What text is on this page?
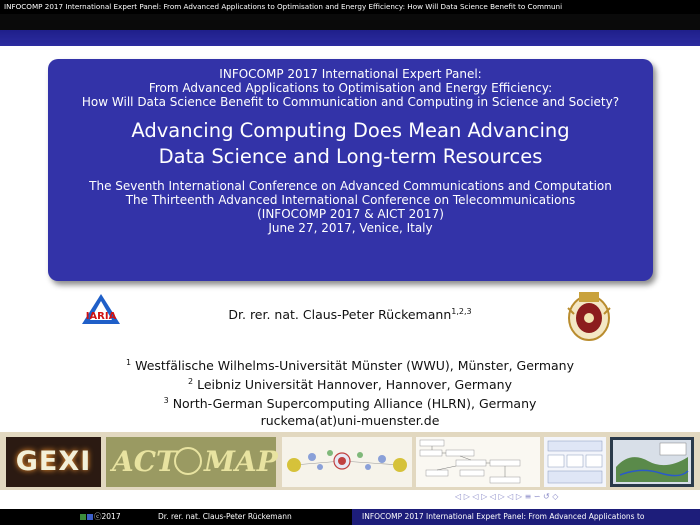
INFOCOMP 2017 International Expert Panel: From Advanced Applications to Optimisation and Energy Efficiency: How Will Data Science Benefit to Communi
INFOCOMP 2017 International Expert Panel:
From Advanced Applications to Optimisation and Energy Efficiency:
How Will Data Science Benefit to Communication and Computing in Science and Society?
Advancing Computing Does Mean Advancing
Data Science and Long-term Resources
The Seventh International Conference on Advanced Communications and Computation
The Thirteenth Advanced International Conference on Telecommunications
(INFOCOMP 2017 & AICT 2017)
June 27, 2017, Venice, Italy
IARIA	Dr. rer. nat. Claus-Peter Rückemann$^{1,2,3}$
$^1$ Westfälische Wilhelms-Universität Münster (WWU), Münster, Germany
$^2$ Leibniz Universität Hannover, Hannover, Germany
$^3$ North-German Supercomputing Alliance (HLRN), Germany
ruckema(at)uni-muenster.de
GEXI ACT MAP
◁ ▷ ◁ ▷ ◁ ▷ ◁ ▷ ≡ ∽ ↺ ◇
ⓒ2017	Dr. rer. nat. Claus-Peter Rückemann	INFOCOMP 2017 International Expert Panel: From Advanced Applications to
